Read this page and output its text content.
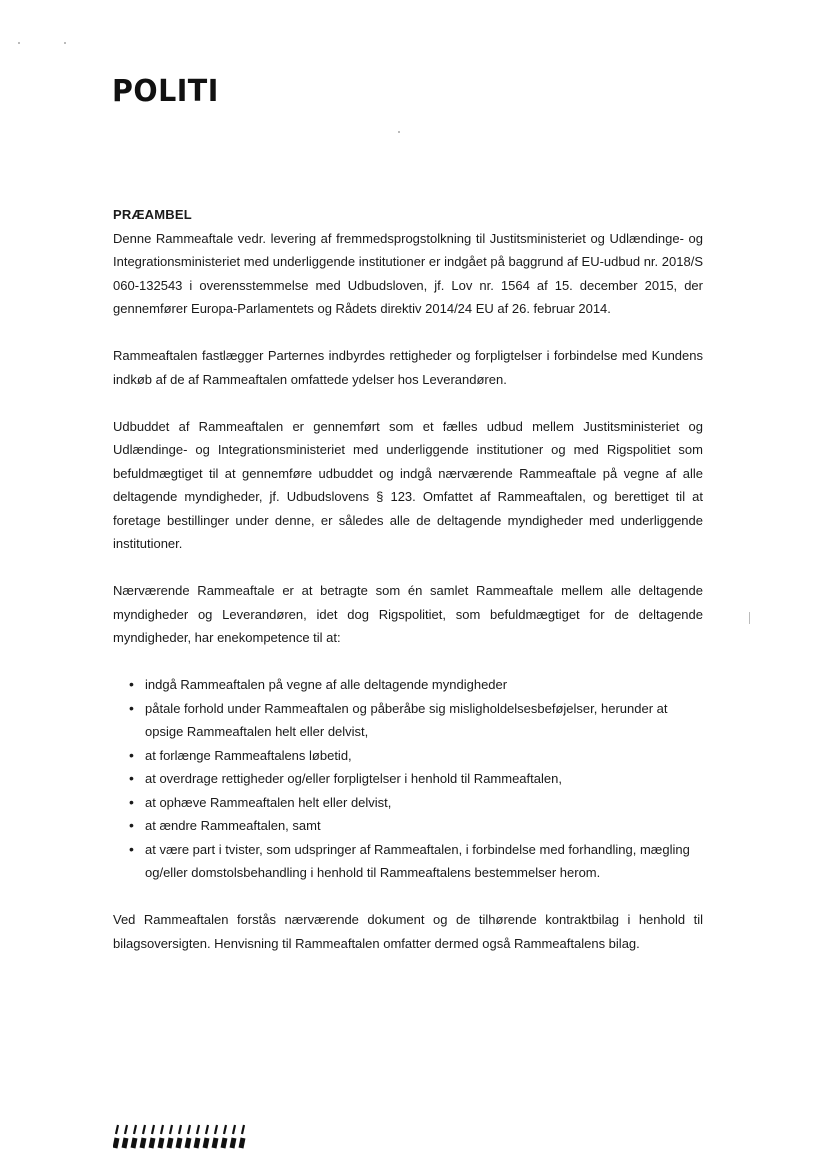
POLITI
PRÆAMBEL

Denne Rammeaftale vedr. levering af fremmedsprogstolkning til Justitsministeriet og Udlændinge- og Integrationsministeriet med underliggende institutioner er indgået på baggrund af EU-udbud nr. 2018/S 060-132543 i overensstemmelse med Udbudsloven, jf. Lov nr. 1564 af 15. december 2015, der gennemfører Europa-Parlamentets og Rådets direktiv 2014/24 EU af 26. februar 2014.

Rammeaftalen fastlægger Parternes indbyrdes rettigheder og forpligtelser i forbindelse med Kundens indkøb af de af Rammeaftalen omfattede ydelser hos Leverandøren.

Udbuddet af Rammeaftalen er gennemført som et fælles udbud mellem Justitsministeriet og Udlændinge- og Integrationsministeriet med underliggende institutioner og med Rigspolitiet som befuldmægtiget til at gennemføre udbuddet og indgå nærværende Rammeaftale på vegne af alle deltagende myndigheder, jf. Udbudslovens § 123. Omfattet af Rammeaftalen, og berettiget til at foretage bestillinger under denne, er således alle de deltagende myndigheder med underliggende institutioner.

Nærværende Rammeaftale er at betragte som én samlet Rammeaftale mellem alle deltagende myndigheder og Leverandøren, idet dog Rigspolitiet, som befuldmægtiget for de deltagende myndigheder, har enekompetence til at:

• indgå Rammeaftalen på vegne af alle deltagende myndigheder
• påtale forhold under Rammeaftalen og påberåbe sig misligholdelsesbeføjelser, herunder at opsige Rammeaftalen helt eller delvist,
• at forlænge Rammeaftalens løbetid,
• at overdrage rettigheder og/eller forpligtelser i henhold til Rammeaftalen,
• at ophæve Rammeaftalen helt eller delvist,
• at ændre Rammeaftalen, samt
• at være part i tvister, som udspringer af Rammeaftalen, i forbindelse med forhandling, mægling og/eller domstolsbehandling i henhold til Rammeaftalens bestemmelser herom.

Ved Rammeaftalen forstås nærværende dokument og de tilhørende kontraktbilag i henhold til bilagsoversigten. Henvisning til Rammeaftalen omfatter dermed også Rammeaftalens bilag.
